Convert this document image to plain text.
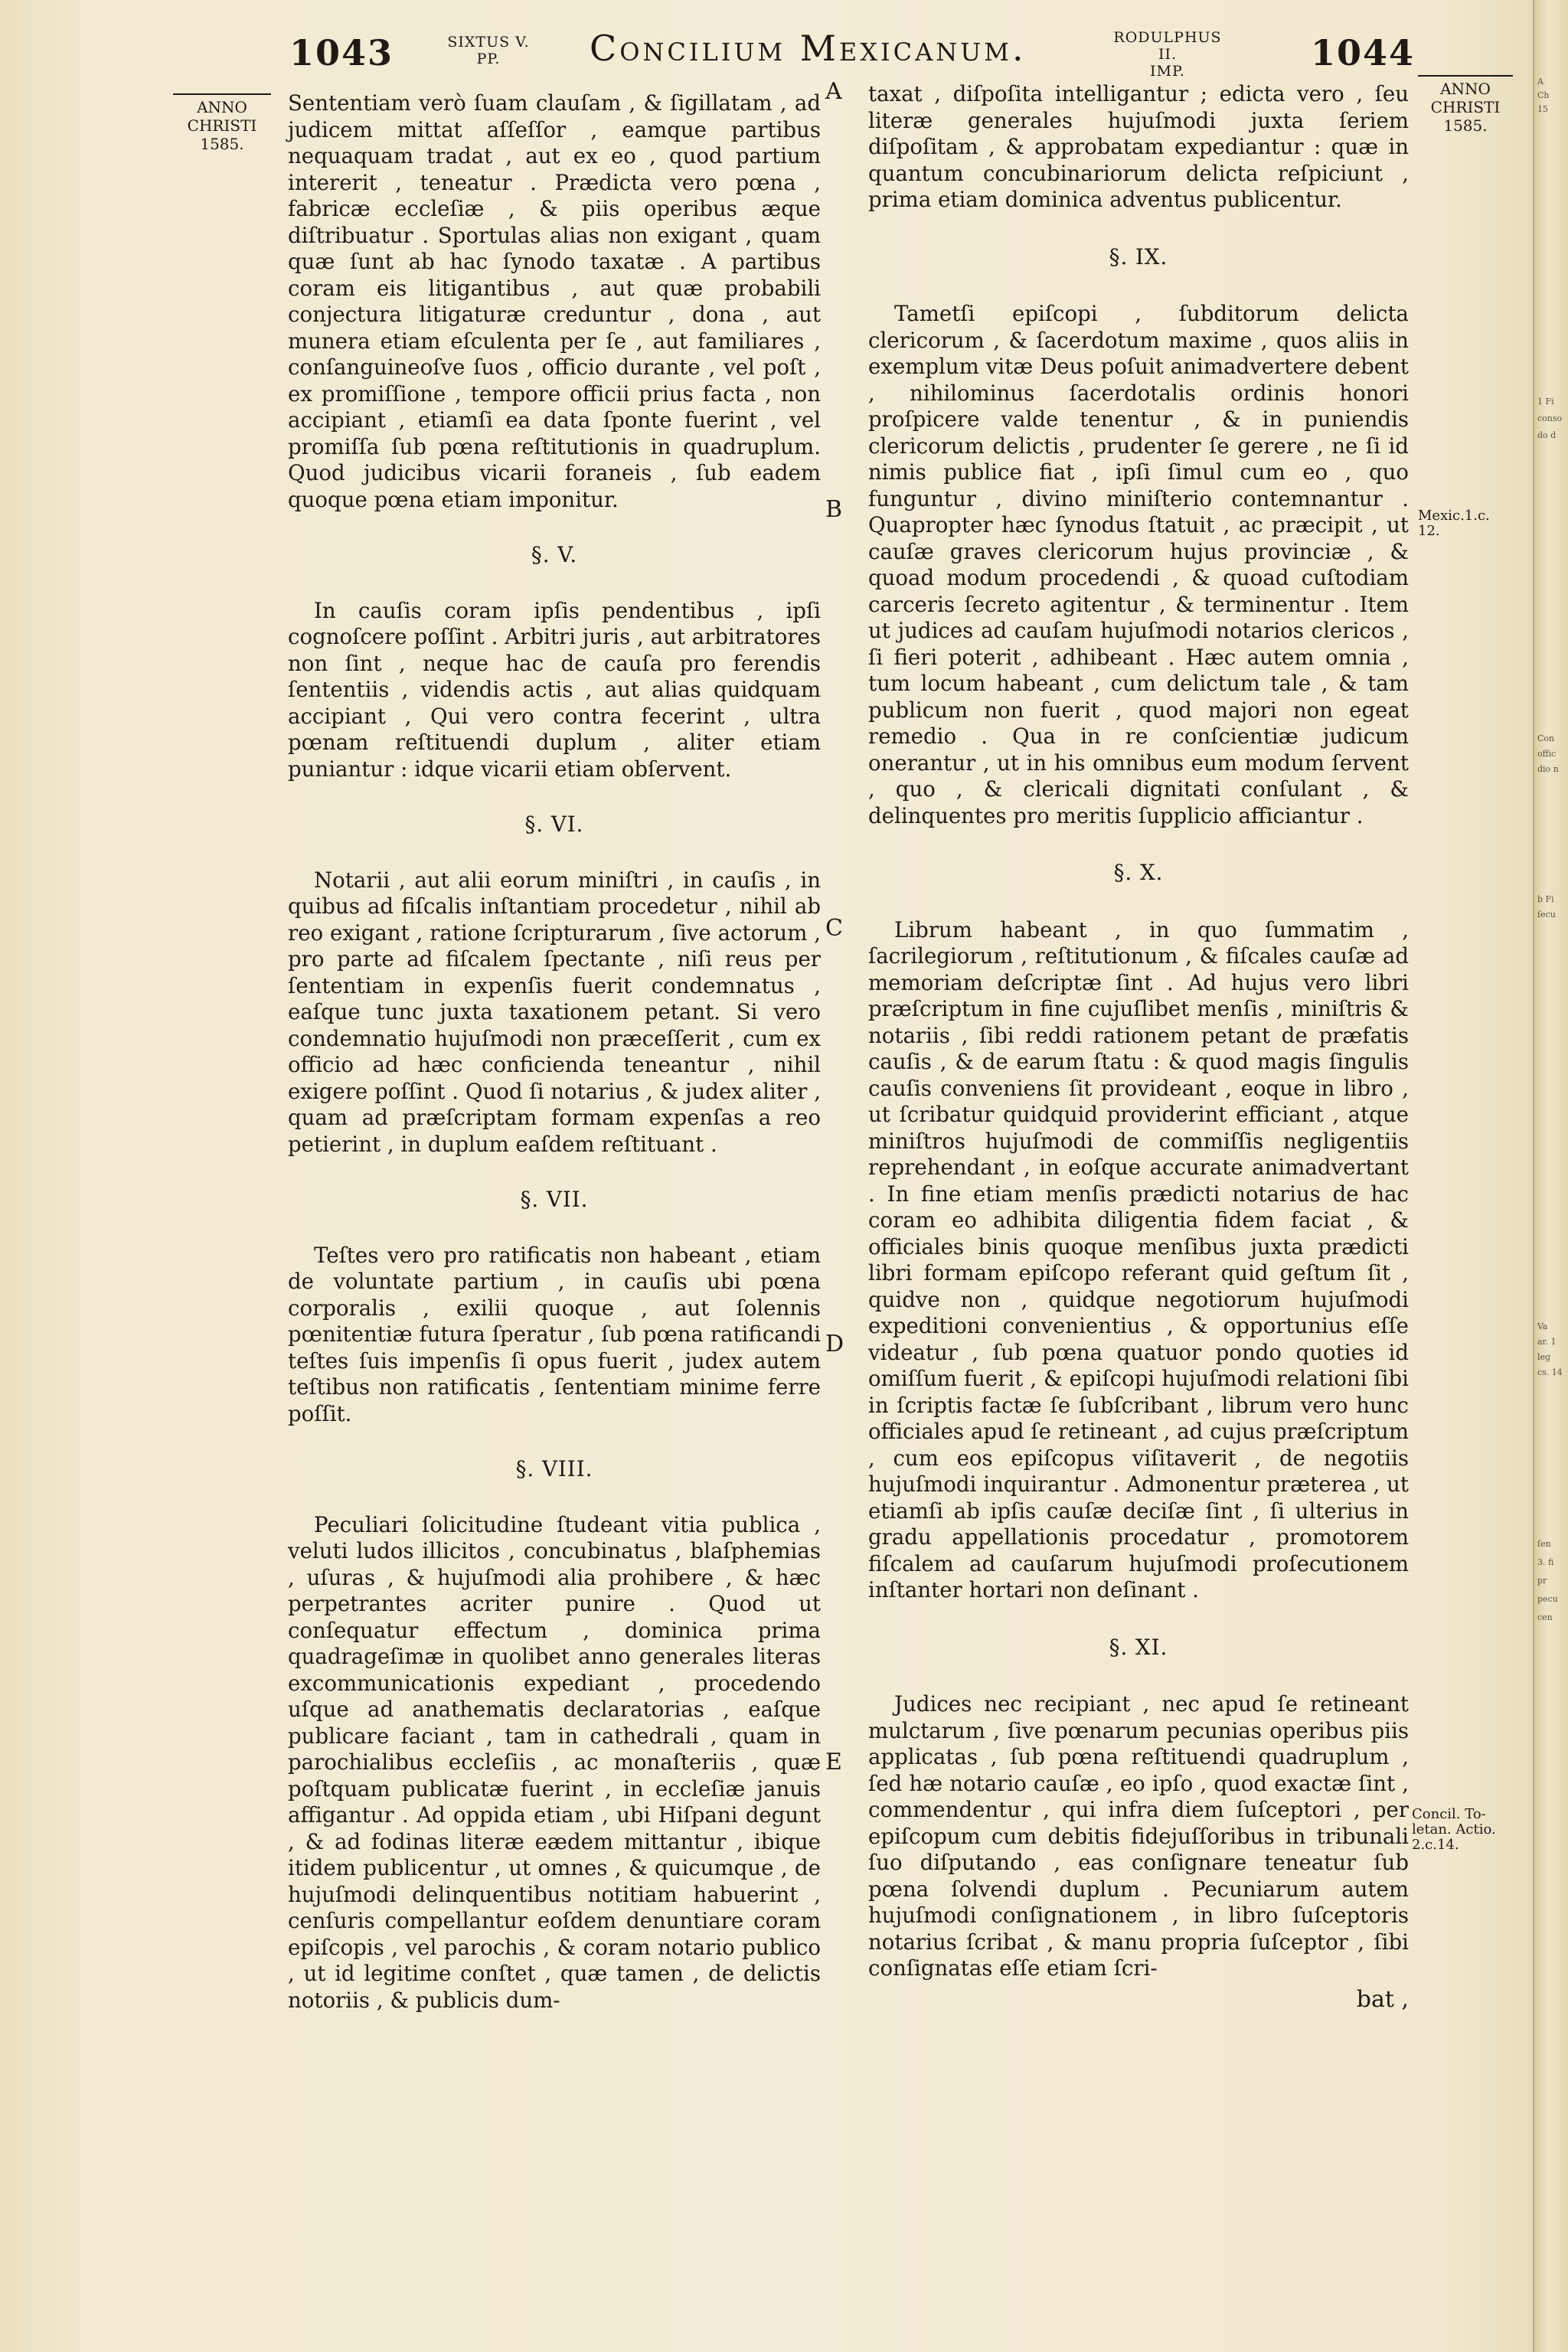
A
Ch
15
1 Fi
conso
do d
Con
offic
dio n
b Fi
ſecu
Va
ar. 1
leg
cs. 14
ſen
3. fi
pr
pecu
cen
1043	SIXTUS V.
PP.	Concilium Mexicanum.	RODULPHUS II.
IMP.	1044
ANNO
CHRISTI
1585.
ANNO
CHRISTI
1585.
Mexic.1.c. 12.
Concil. To-
letan. Actio.
2.c.14.
A
B
C
D
E

Sententiam verò ſuam clauſam , & ſigillatam , ad judicem mittat aſſeſſor , eamque partibus nequaquam tradat , aut ex eo , quod partium intererit , teneatur . Prædicta vero pœna , fabricæ eccleſiæ , & piis operibus æque diſtribuatur . Sportulas alias non exigant , quam quæ ſunt ab hac ſynodo taxatæ . A partibus coram eis litigantibus , aut quæ probabili conjectura litigaturæ creduntur , dona , aut munera etiam eſculenta per ſe , aut familiares , conſanguineoſve ſuos , officio durante , vel poſt , ex promiſſione , tempore officii prius facta , non accipiant , etiamſi ea data ſponte fuerint , vel promiſſa ſub pœna reſtitutionis in quadruplum. Quod judicibus vicarii foraneis , ſub eadem quoque pœna etiam imponitur.

§. V.

In cauſis coram ipſis pendentibus , ipſi cognoſcere poſſint . Arbitri juris , aut arbitratores non ſint , neque hac de cauſa pro ferendis ſententiis , videndis actis , aut alias quidquam accipiant , Qui vero contra fecerint , ultra pœnam reſtituendi duplum , aliter etiam puniantur : idque vicarii etiam obſervent.

§. VI.

Notarii , aut alii eorum miniſtri , in cauſis , in quibus ad fiſcalis inſtantiam procedetur , nihil ab reo exigant , ratione ſcripturarum , ſive actorum , pro parte ad fiſcalem ſpectante , niſi reus per ſententiam in expenſis fuerit condemnatus , eaſque tunc juxta taxationem petant. Si vero condemnatio hujuſmodi non præceſſerit , cum ex officio ad hæc conficienda teneantur , nihil exigere poſſint . Quod ſi notarius , & judex aliter , quam ad præſcriptam formam expenſas a reo petierint , in duplum eaſdem reſtituant .

§. VII.

Teſtes vero pro ratificatis non habeant , etiam de voluntate partium , in cauſis ubi pœna corporalis , exilii quoque , aut ſolennis pœnitentiæ futura ſperatur , ſub pœna ratificandi teſtes ſuis impenſis ſi opus fuerit , judex autem teſtibus non ratificatis , ſententiam minime ferre poſſit.

§. VIII.

Peculiari ſolicitudine ſtudeant vitia publica , veluti ludos illicitos , concubinatus , blaſphemias , uſuras , & hujuſmodi alia prohibere , & hæc perpetrantes acriter punire . Quod ut conſequatur effectum , dominica prima quadrageſimæ in quolibet anno generales literas excommunicationis expediant , procedendo uſque ad anathematis declaratorias , eaſque publicare faciant , tam in cathedrali , quam in parochialibus eccleſiis , ac monaſteriis , quæ poſtquam publicatæ fuerint , in eccleſiæ januis affigantur . Ad oppida etiam , ubi Hiſpani degunt , & ad fodinas literæ eædem mittantur , ibique itidem publicentur , ut omnes , & quicumque , de hujuſmodi delinquentibus notitiam habuerint , cenſuris compellantur eoſdem denuntiare coram epiſcopis , vel parochis , & coram notario publico , ut id legitime conſtet , quæ tamen , de delictis notoriis , & publicis dum-

taxat , diſpoſita intelligantur ; edicta vero , ſeu literæ generales hujuſmodi juxta ſeriem diſpoſitam , & approbatam expediantur : quæ in quantum concubinariorum delicta reſpiciunt , prima etiam dominica adventus publicentur.

§. IX.

Tametſi epiſcopi , ſubditorum delicta clericorum , & ſacerdotum maxime , quos aliis in exemplum vitæ Deus poſuit animadvertere debent , nihilominus ſacerdotalis ordinis honori proſpicere valde tenentur , & in puniendis clericorum delictis , prudenter ſe gerere , ne ſi id nimis publice fiat , ipſi ſimul cum eo , quo funguntur , divino miniſterio contemnantur . Quapropter hæc ſynodus ſtatuit , ac præcipit , ut cauſæ graves clericorum hujus provinciæ , & quoad modum procedendi , & quoad cuſtodiam carceris ſecreto agitentur , & terminentur . Item ut judices ad cauſam hujuſmodi notarios clericos , ſi fieri poterit , adhibeant . Hæc autem omnia , tum locum habeant , cum delictum tale , & tam publicum non fuerit , quod majori non egeat remedio . Qua in re conſcientiæ judicum onerantur , ut in his omnibus eum modum ſervent , quo , & clericali dignitati conſulant , & delinquentes pro meritis ſupplicio afficiantur .

§. X.

Librum habeant , in quo ſummatim , ſacrilegiorum , reſtitutionum , & fiſcales cauſæ ad memoriam deſcriptæ ſint . Ad hujus vero libri præſcriptum in fine cujuſlibet menſis , miniſtris & notariis , ſibi reddi rationem petant de præfatis cauſis , & de earum ſtatu : & quod magis ſingulis cauſis conveniens ſit provideant , eoque in libro , ut ſcribatur quidquid providerint efficiant , atque miniſtros hujuſmodi de commiſſis negligentiis reprehendant , in eoſque accurate animadvertant . In fine etiam menſis prædicti notarius de hac coram eo adhibita diligentia fidem faciat , & officiales binis quoque menſibus juxta prædicti libri formam epiſcopo referant quid geſtum ſit , quidve non , quidque negotiorum hujuſmodi expeditioni convenientius , & opportunius eſſe videatur , ſub pœna quatuor pondo quoties id omiſſum fuerit , & epiſcopi hujuſmodi relationi ſibi in ſcriptis factæ ſe ſubſcribant , librum vero hunc officiales apud ſe retineant , ad cujus præſcriptum , cum eos epiſcopus viſitaverit , de negotiis hujuſmodi inquirantur . Admonentur præterea , ut etiamſi ab ipſis cauſæ deciſæ ſint , ſi ulterius in gradu appellationis procedatur , promotorem fiſcalem ad cauſarum hujuſmodi proſecutionem inſtanter hortari non deſinant .

§. XI.

Judices nec recipiant , nec apud ſe retineant mulctarum , ſive pœnarum pecunias operibus piis applicatas , ſub pœna reſtituendi quadruplum , ſed hæ notario cauſæ , eo ipſo , quod exactæ ſint , commendentur , qui infra diem ſuſceptori , per epiſcopum cum debitis fidejuſſoribus in tribunali ſuo diſputando , eas conſignare teneatur ſub pœna ſolvendi duplum . Pecuniarum autem hujuſmodi conſignationem , in libro ſuſceptoris notarius ſcribat , & manu propria ſuſceptor , ſibi conſignatas eſſe etiam ſcri-

bat ,
